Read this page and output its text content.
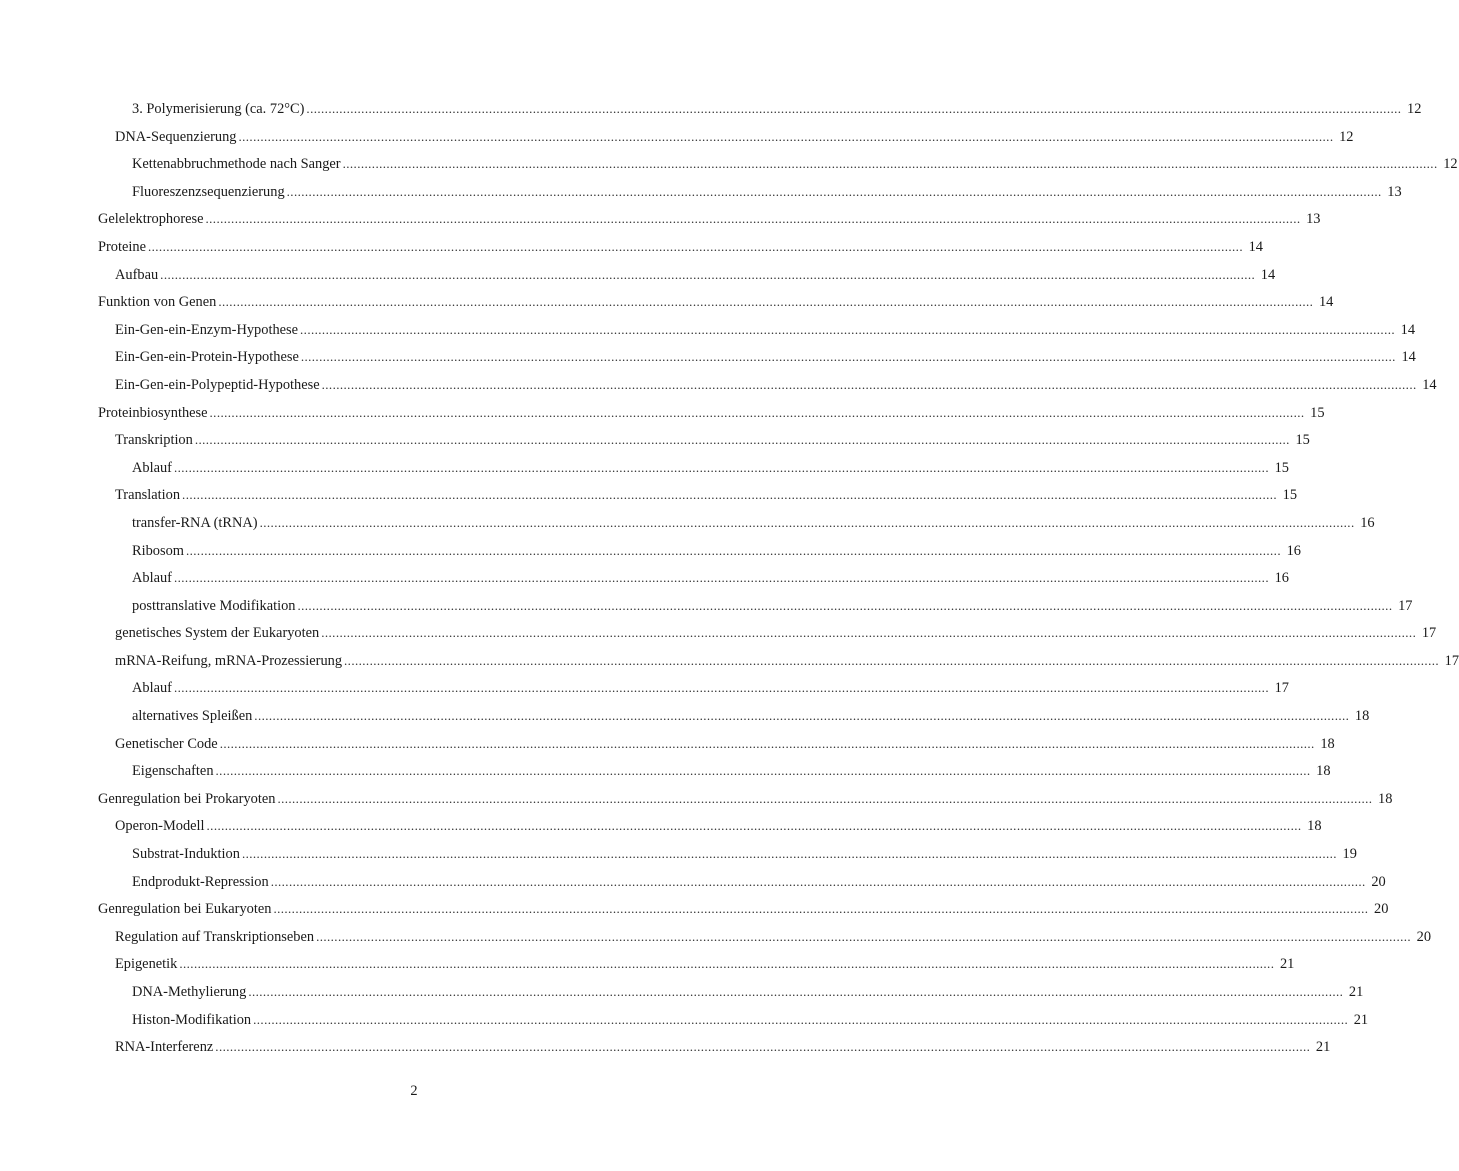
3. Polymerisierung (ca. 72°C) ............................................................................................................................................................................................................................................................................................................ 12
DNA-Sequenzierung ............................................................................................................................................................................................................................................................................................................ 12
Kettenabbruchmethode nach Sanger ............................................................................................................................................................................................................................................................................................................ 12
Fluoreszenzsequenzierung ............................................................................................................................................................................................................................................................................................................ 13
Gelelektrophorese ............................................................................................................................................................................................................................................................................................................ 13
Proteine ............................................................................................................................................................................................................................................................................................................ 14
Aufbau ............................................................................................................................................................................................................................................................................................................ 14
Funktion von Genen ............................................................................................................................................................................................................................................................................................................ 14
Ein-Gen-ein-Enzym-Hypothese ............................................................................................................................................................................................................................................................................................................ 14
Ein-Gen-ein-Protein-Hypothese ............................................................................................................................................................................................................................................................................................................ 14
Ein-Gen-ein-Polypeptid-Hypothese ............................................................................................................................................................................................................................................................................................................ 14
Proteinbiosynthese ............................................................................................................................................................................................................................................................................................................ 15
Transkription ............................................................................................................................................................................................................................................................................................................ 15
Ablauf ............................................................................................................................................................................................................................................................................................................ 15
Translation ............................................................................................................................................................................................................................................................................................................ 15
transfer-RNA (tRNA) ............................................................................................................................................................................................................................................................................................................ 16
Ribosom ............................................................................................................................................................................................................................................................................................................ 16
Ablauf ............................................................................................................................................................................................................................................................................................................ 16
posttranslative Modifikation ............................................................................................................................................................................................................................................................................................................ 17
genetisches System der Eukaryoten ............................................................................................................................................................................................................................................................................................................ 17
mRNA-Reifung, mRNA-Prozessierung ............................................................................................................................................................................................................................................................................................................ 17
Ablauf ............................................................................................................................................................................................................................................................................................................ 17
alternatives Spleißen ............................................................................................................................................................................................................................................................................................................ 18
Genetischer Code ............................................................................................................................................................................................................................................................................................................ 18
Eigenschaften ............................................................................................................................................................................................................................................................................................................ 18
Genregulation bei Prokaryoten ............................................................................................................................................................................................................................................................................................................ 18
Operon-Modell ............................................................................................................................................................................................................................................................................................................ 18
Substrat-Induktion ............................................................................................................................................................................................................................................................................................................ 19
Endprodukt-Repression ............................................................................................................................................................................................................................................................................................................ 20
Genregulation bei Eukaryoten ............................................................................................................................................................................................................................................................................................................ 20
Regulation auf Transkriptionseben ............................................................................................................................................................................................................................................................................................................ 20
Epigenetik ............................................................................................................................................................................................................................................................................................................ 21
DNA-Methylierung ............................................................................................................................................................................................................................................................................................................ 21
Histon-Modifikation ............................................................................................................................................................................................................................................................................................................ 21
RNA-Interferenz ............................................................................................................................................................................................................................................................................................................ 21
2
